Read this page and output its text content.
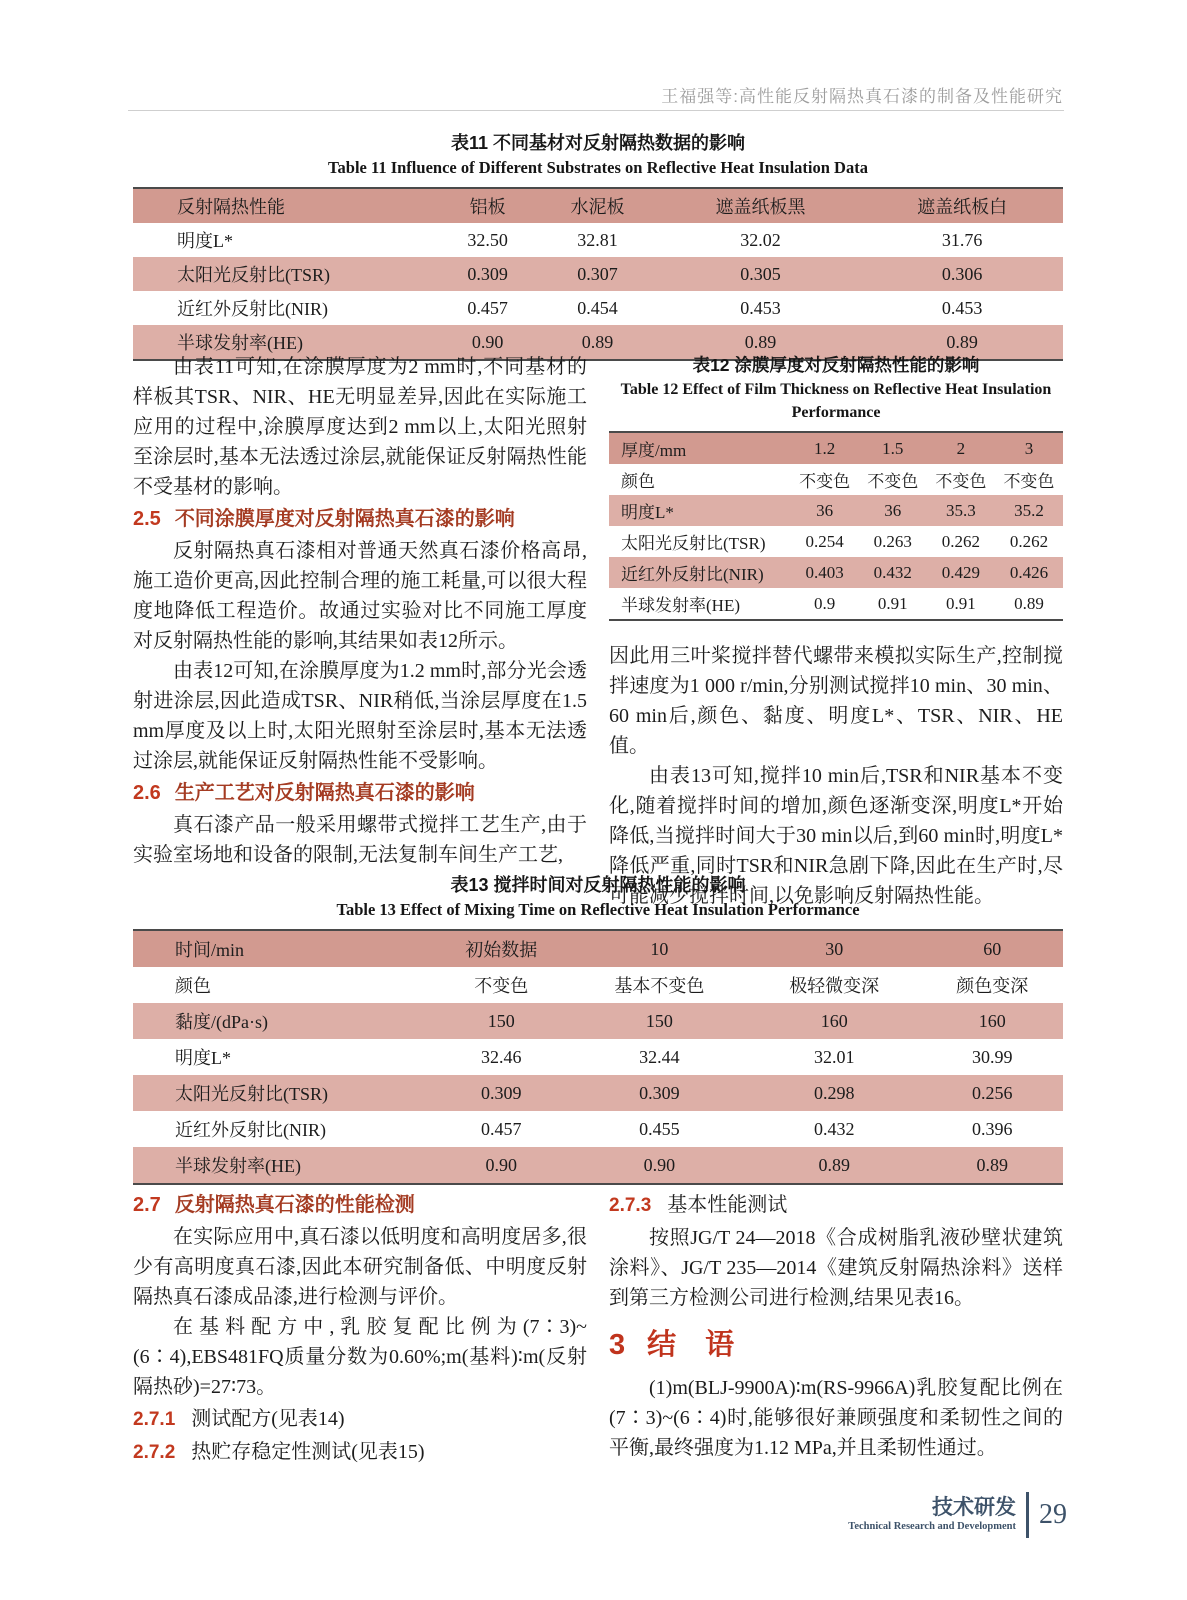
王福强等:高性能反射隔热真石漆的制备及性能研究
表11 不同基材对反射隔热数据的影响
Table 11 Influence of Different Substrates on Reflective Heat Insulation Data
反射隔热性能	铝板	水泥板	遮盖纸板黑	遮盖纸板白
明度L*	32.50	32.81	32.02	31.76
太阳光反射比(TSR)	0.309	0.307	0.305	0.306
近红外反射比(NIR)	0.457	0.454	0.453	0.453
半球发射率(HE)	0.90	0.89	0.89	0.89

由表11可知,在涂膜厚度为2 mm时,不同基材的样板其TSR、NIR、HE无明显差异,因此在实际施工应用的过程中,涂膜厚度达到2 mm以上,太阳光照射至涂层时,基本无法透过涂层,就能保证反射隔热性能不受基材的影响。

2.5 不同涂膜厚度对反射隔热真石漆的影响

反射隔热真石漆相对普通天然真石漆价格高昂,施工造价更高,因此控制合理的施工耗量,可以很大程度地降低工程造价。故通过实验对比不同施工厚度对反射隔热性能的影响,其结果如表12所示。

由表12可知,在涂膜厚度为1.2 mm时,部分光会透射进涂层,因此造成TSR、NIR稍低,当涂层厚度在1.5 mm厚度及以上时,太阳光照射至涂层时,基本无法透过涂层,就能保证反射隔热性能不受影响。

2.6 生产工艺对反射隔热真石漆的影响

真石漆产品一般采用螺带式搅拌工艺生产,由于实验室场地和设备的限制,无法复制车间生产工艺,

表12 涂膜厚度对反射隔热性能的影响
Table 12 Effect of Film Thickness on Reflective Heat Insulation Performance
厚度/mm	1.2	1.5	2	3
颜色	不变色	不变色	不变色	不变色
明度L*	36	36	35.3	35.2
太阳光反射比(TSR)	0.254	0.263	0.262	0.262
近红外反射比(NIR)	0.403	0.432	0.429	0.426
半球发射率(HE)	0.9	0.91	0.91	0.89

因此用三叶桨搅拌替代螺带来模拟实际生产,控制搅拌速度为1 000 r/min,分别测试搅拌10 min、30 min、60 min后,颜色、黏度、明度L*、TSR、NIR、HE值。

由表13可知,搅拌10 min后,TSR和NIR基本不变化,随着搅拌时间的增加,颜色逐渐变深,明度L*开始降低,当搅拌时间大于30 min以后,到60 min时,明度L*降低严重,同时TSR和NIR急剧下降,因此在生产时,尽可能减少搅拌时间,以免影响反射隔热性能。

表13 搅拌时间对反射隔热性能的影响
Table 13 Effect of Mixing Time on Reflective Heat Insulation Performance
时间/min	初始数据	10	30	60
颜色	不变色	基本不变色	极轻微变深	颜色变深
黏度/(dPa·s)	150	150	160	160
明度L*	32.46	32.44	32.01	30.99
太阳光反射比(TSR)	0.309	0.309	0.298	0.256
近红外反射比(NIR)	0.457	0.455	0.432	0.396
半球发射率(HE)	0.90	0.90	0.89	0.89
2.7 反射隔热真石漆的性能检测

在实际应用中,真石漆以低明度和高明度居多,很少有高明度真石漆,因此本研究制备低、中明度反射隔热真石漆成品漆,进行检测与评价。

在基料配方中,乳胶复配比例为(7∶3)~(6∶4),EBS481FQ质量分数为0.60%;m(基料)∶m(反射隔热砂)=27∶73。

2.7.1 测试配方(见表14)
2.7.2 热贮存稳定性测试(见表15)
2.7.3 基本性能测试

按照JG/T 24—2018《合成树脂乳液砂壁状建筑涂料》、JG/T 235—2014《建筑反射隔热涂料》送样到第三方检测公司进行检测,结果见表16。

3 结　语

(1)m(BLJ-9900A)∶m(RS-9966A)乳胶复配比例在(7∶3)~(6∶4)时,能够很好兼顾强度和柔韧性之间的平衡,最终强度为1.12 MPa,并且柔韧性通过。

技术研发
Technical Research and Development 29
